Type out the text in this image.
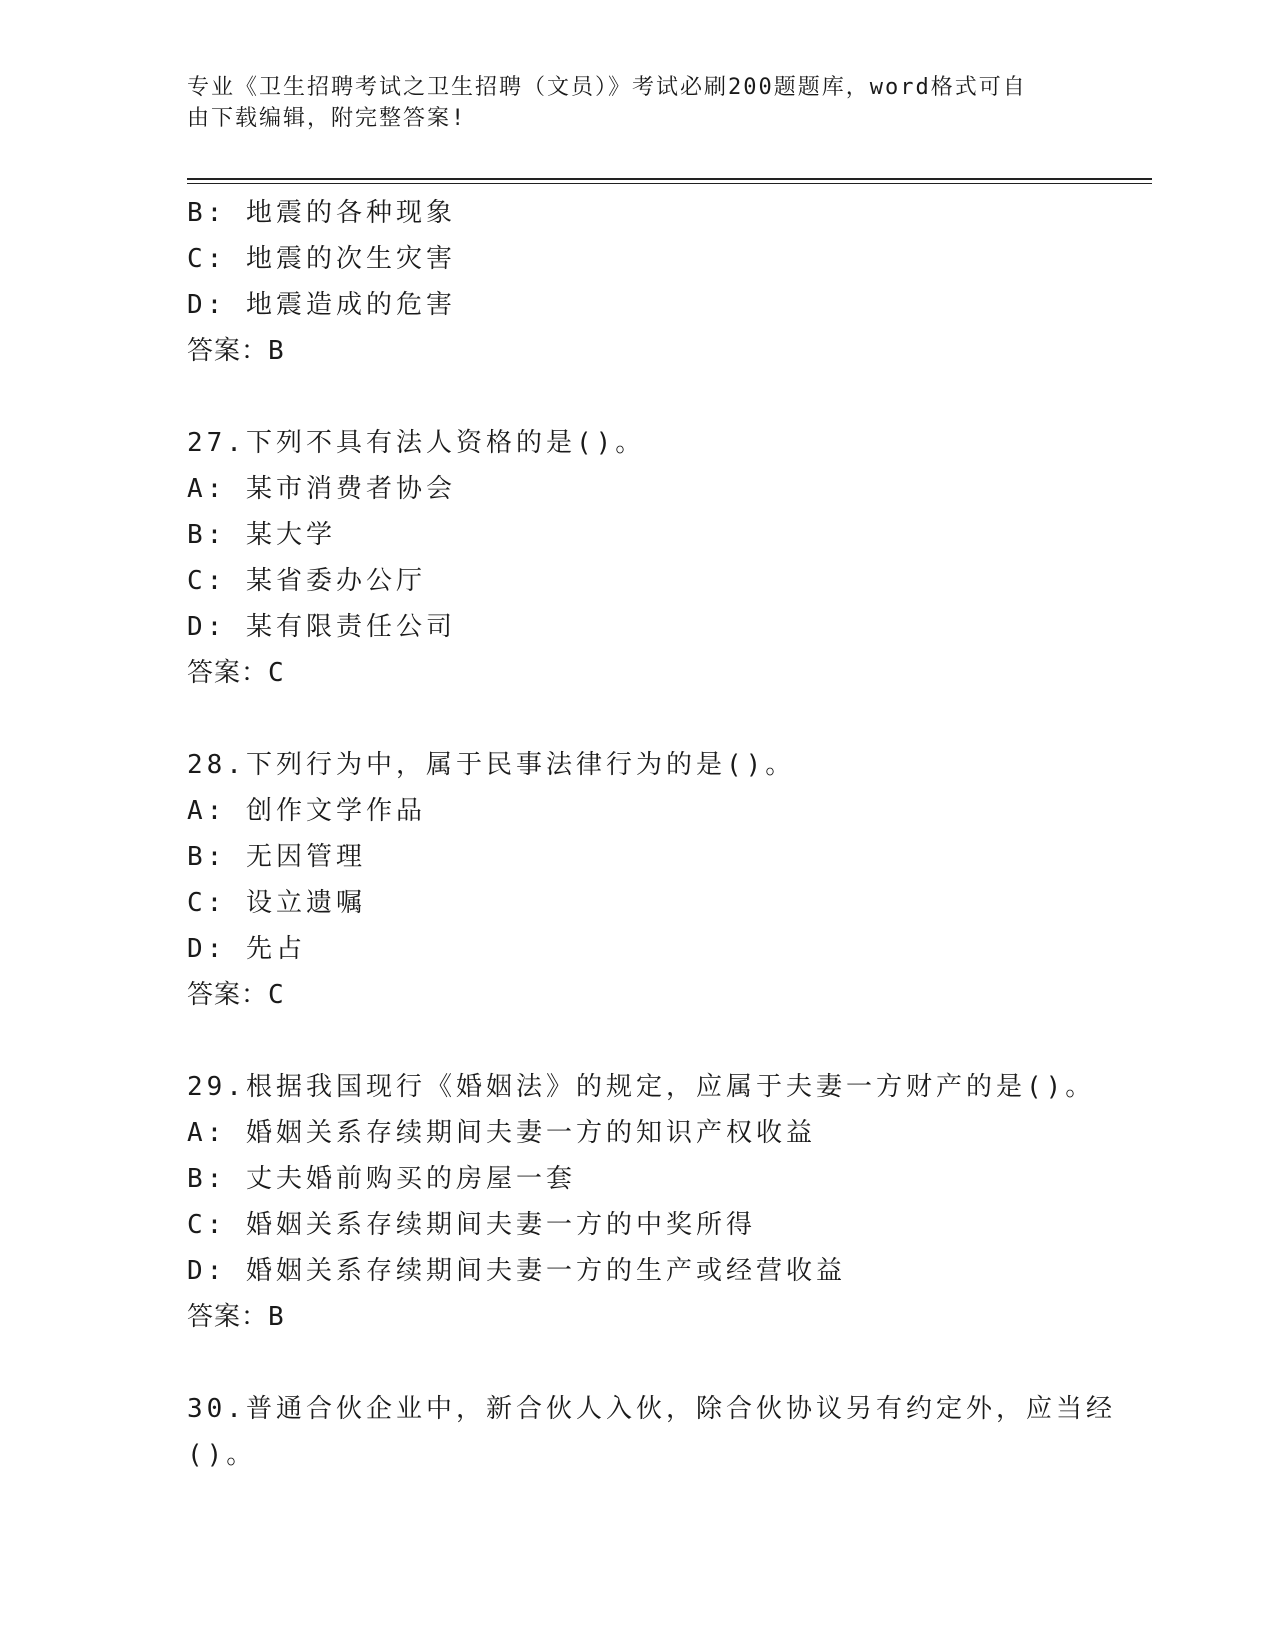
专业《卫生招聘考试之卫生招聘（文员）》考试必刷200题题库，word格式可自
由下载编辑，附完整答案!
B: 地震的各种现象
C: 地震的次生灾害
D: 地震造成的危害
答案：B
27.下列不具有法人资格的是()。
A: 某市消费者协会
B: 某大学
C: 某省委办公厅
D: 某有限责任公司
答案：C
28.下列行为中，属于民事法律行为的是()。
A: 创作文学作品
B: 无因管理
C: 设立遗嘱
D: 先占
答案：C
29.根据我国现行《婚姻法》的规定，应属于夫妻一方财产的是()。
A: 婚姻关系存续期间夫妻一方的知识产权收益
B: 丈夫婚前购买的房屋一套
C: 婚姻关系存续期间夫妻一方的中奖所得
D: 婚姻关系存续期间夫妻一方的生产或经营收益
答案：B
30.普通合伙企业中，新合伙人入伙，除合伙协议另有约定外，应当经
()。
